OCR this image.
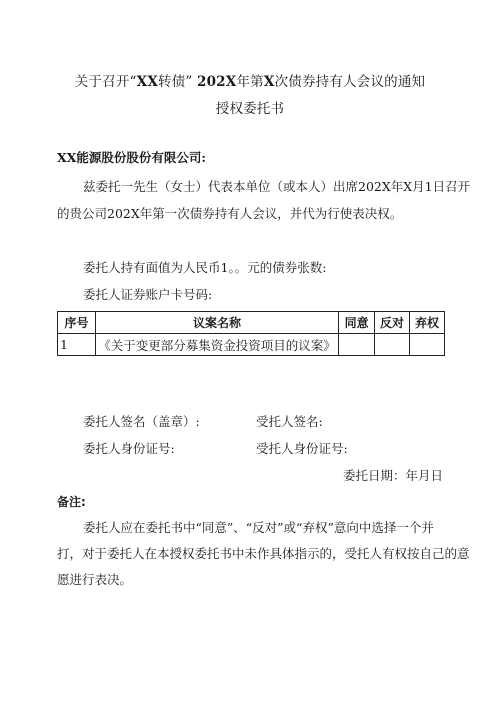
关于召开“XX转债” 202X年第X次债券持有人会议的通知
授权委托书
XX能源股份股份有限公司:
兹委托一先生（女士）代表本单位（或本人）出席202X年X月1日召开
的贵公司202X年第一次债券持有人会议，并代为行使表决权。
委托人持有面值为人民币1。。元的债券张数:
委托人证券账户卡号码:
序号	议案名称	同意	反对	弃权
1	《关于变更部分募集资金投资项目的议案》			
委托人签名（盖章）:	受托人签名:
委托人身份证号:	受托人身份证号:
委托日期：年月日
备注:
委托人应在委托书中“同意”、“反对”或“弃权”意向中选择一个并
打，对于委托人在本授权委托书中未作具体指示的，受托人有权按自己的意
愿进行表决。
